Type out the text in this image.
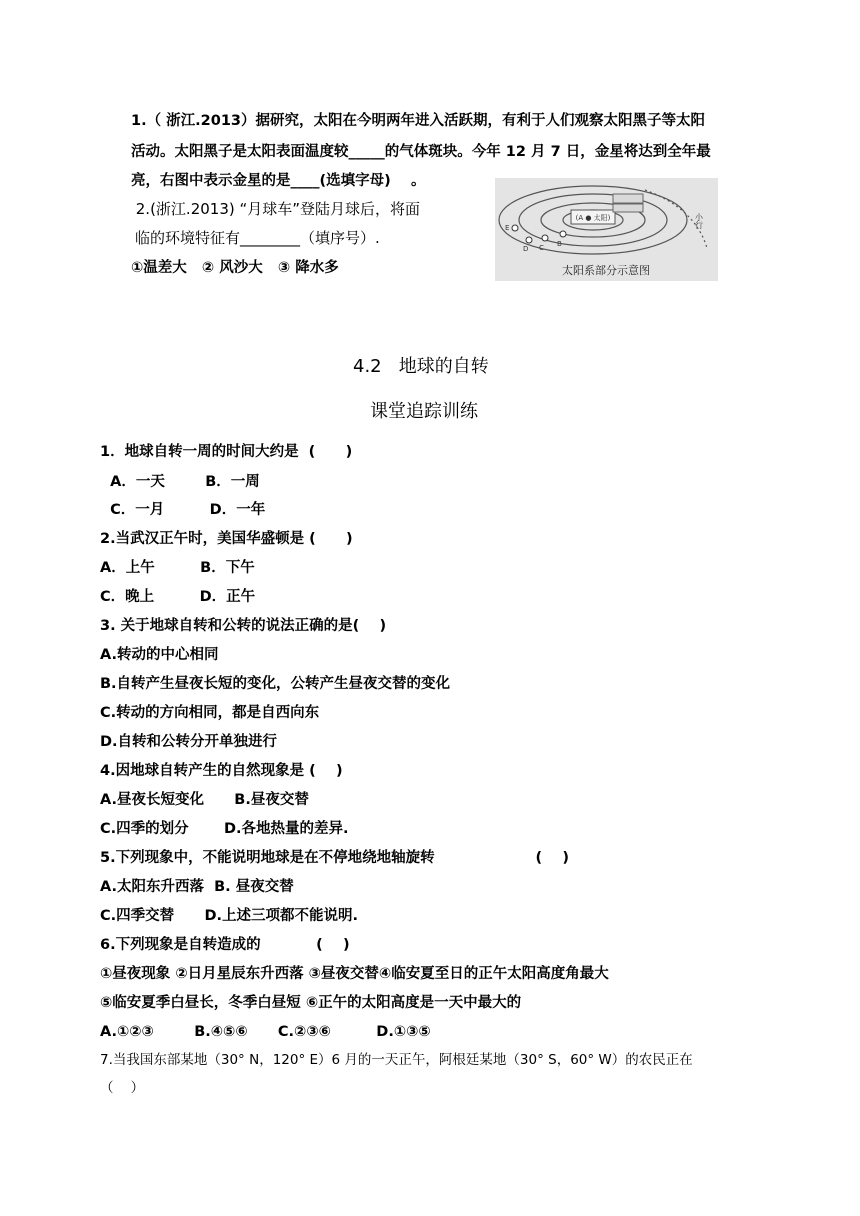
1.（ 浙江.2013）据研究，太阳在今明两年进入活跃期，有利于人们观察太阳黑子等太阳
活动。太阳黑子是太阳表面温度较_____的气体斑块。今年 12 月 7 日，金星将达到全年最
亮，右图中表示金星的是____(选填字母)    。
2.(浙江.2013) “月球车”登陆月球后，将面
临的环境特征有________（填序号）.
①温差大   ② 风沙大   ③ 降水多
(A ● 太阳)
B
C
D
E	小行
太阳系部分示意图
4.2   地球的自转
课堂追踪训练
1．地球自转一周的时间大约是  (      )
A．一天        B．一周
C．一月         D．一年
2.当武汉正午时，美国华盛顿是 (      )
A．上午         B．下午
C．晚上         D．正午
3. 关于地球自转和公转的说法正确的是(    )
A.转动的中心相同
B.自转产生昼夜长短的变化，公转产生昼夜交替的变化
C.转动的方向相同，都是自西向东
D.自转和公转分开单独进行
4.因地球自转产生的自然现象是 (    )
A.昼夜长短变化      B.昼夜交替
C.四季的划分       D.各地热量的差异.
5.下列现象中，不能说明地球是在不停地绕地轴旋转                    (    )
A.太阳东升西落  B. 昼夜交替
C.四季交替      D.上述三项都不能说明.
6.下列现象是自转造成的           (    )
①昼夜现象 ②日月星辰东升西落 ③昼夜交替④临安夏至日的正午太阳高度角最大
⑤临安夏季白昼长，冬季白昼短 ⑥正午的太阳高度是一天中最大的
A.①②③        B.④⑤⑥      C.②③⑥         D.①③⑤
7.当我国东部某地（30° N，120° E）6 月的一天正午，阿根廷某地（30° S，60° W）的农民正在
（    ）
